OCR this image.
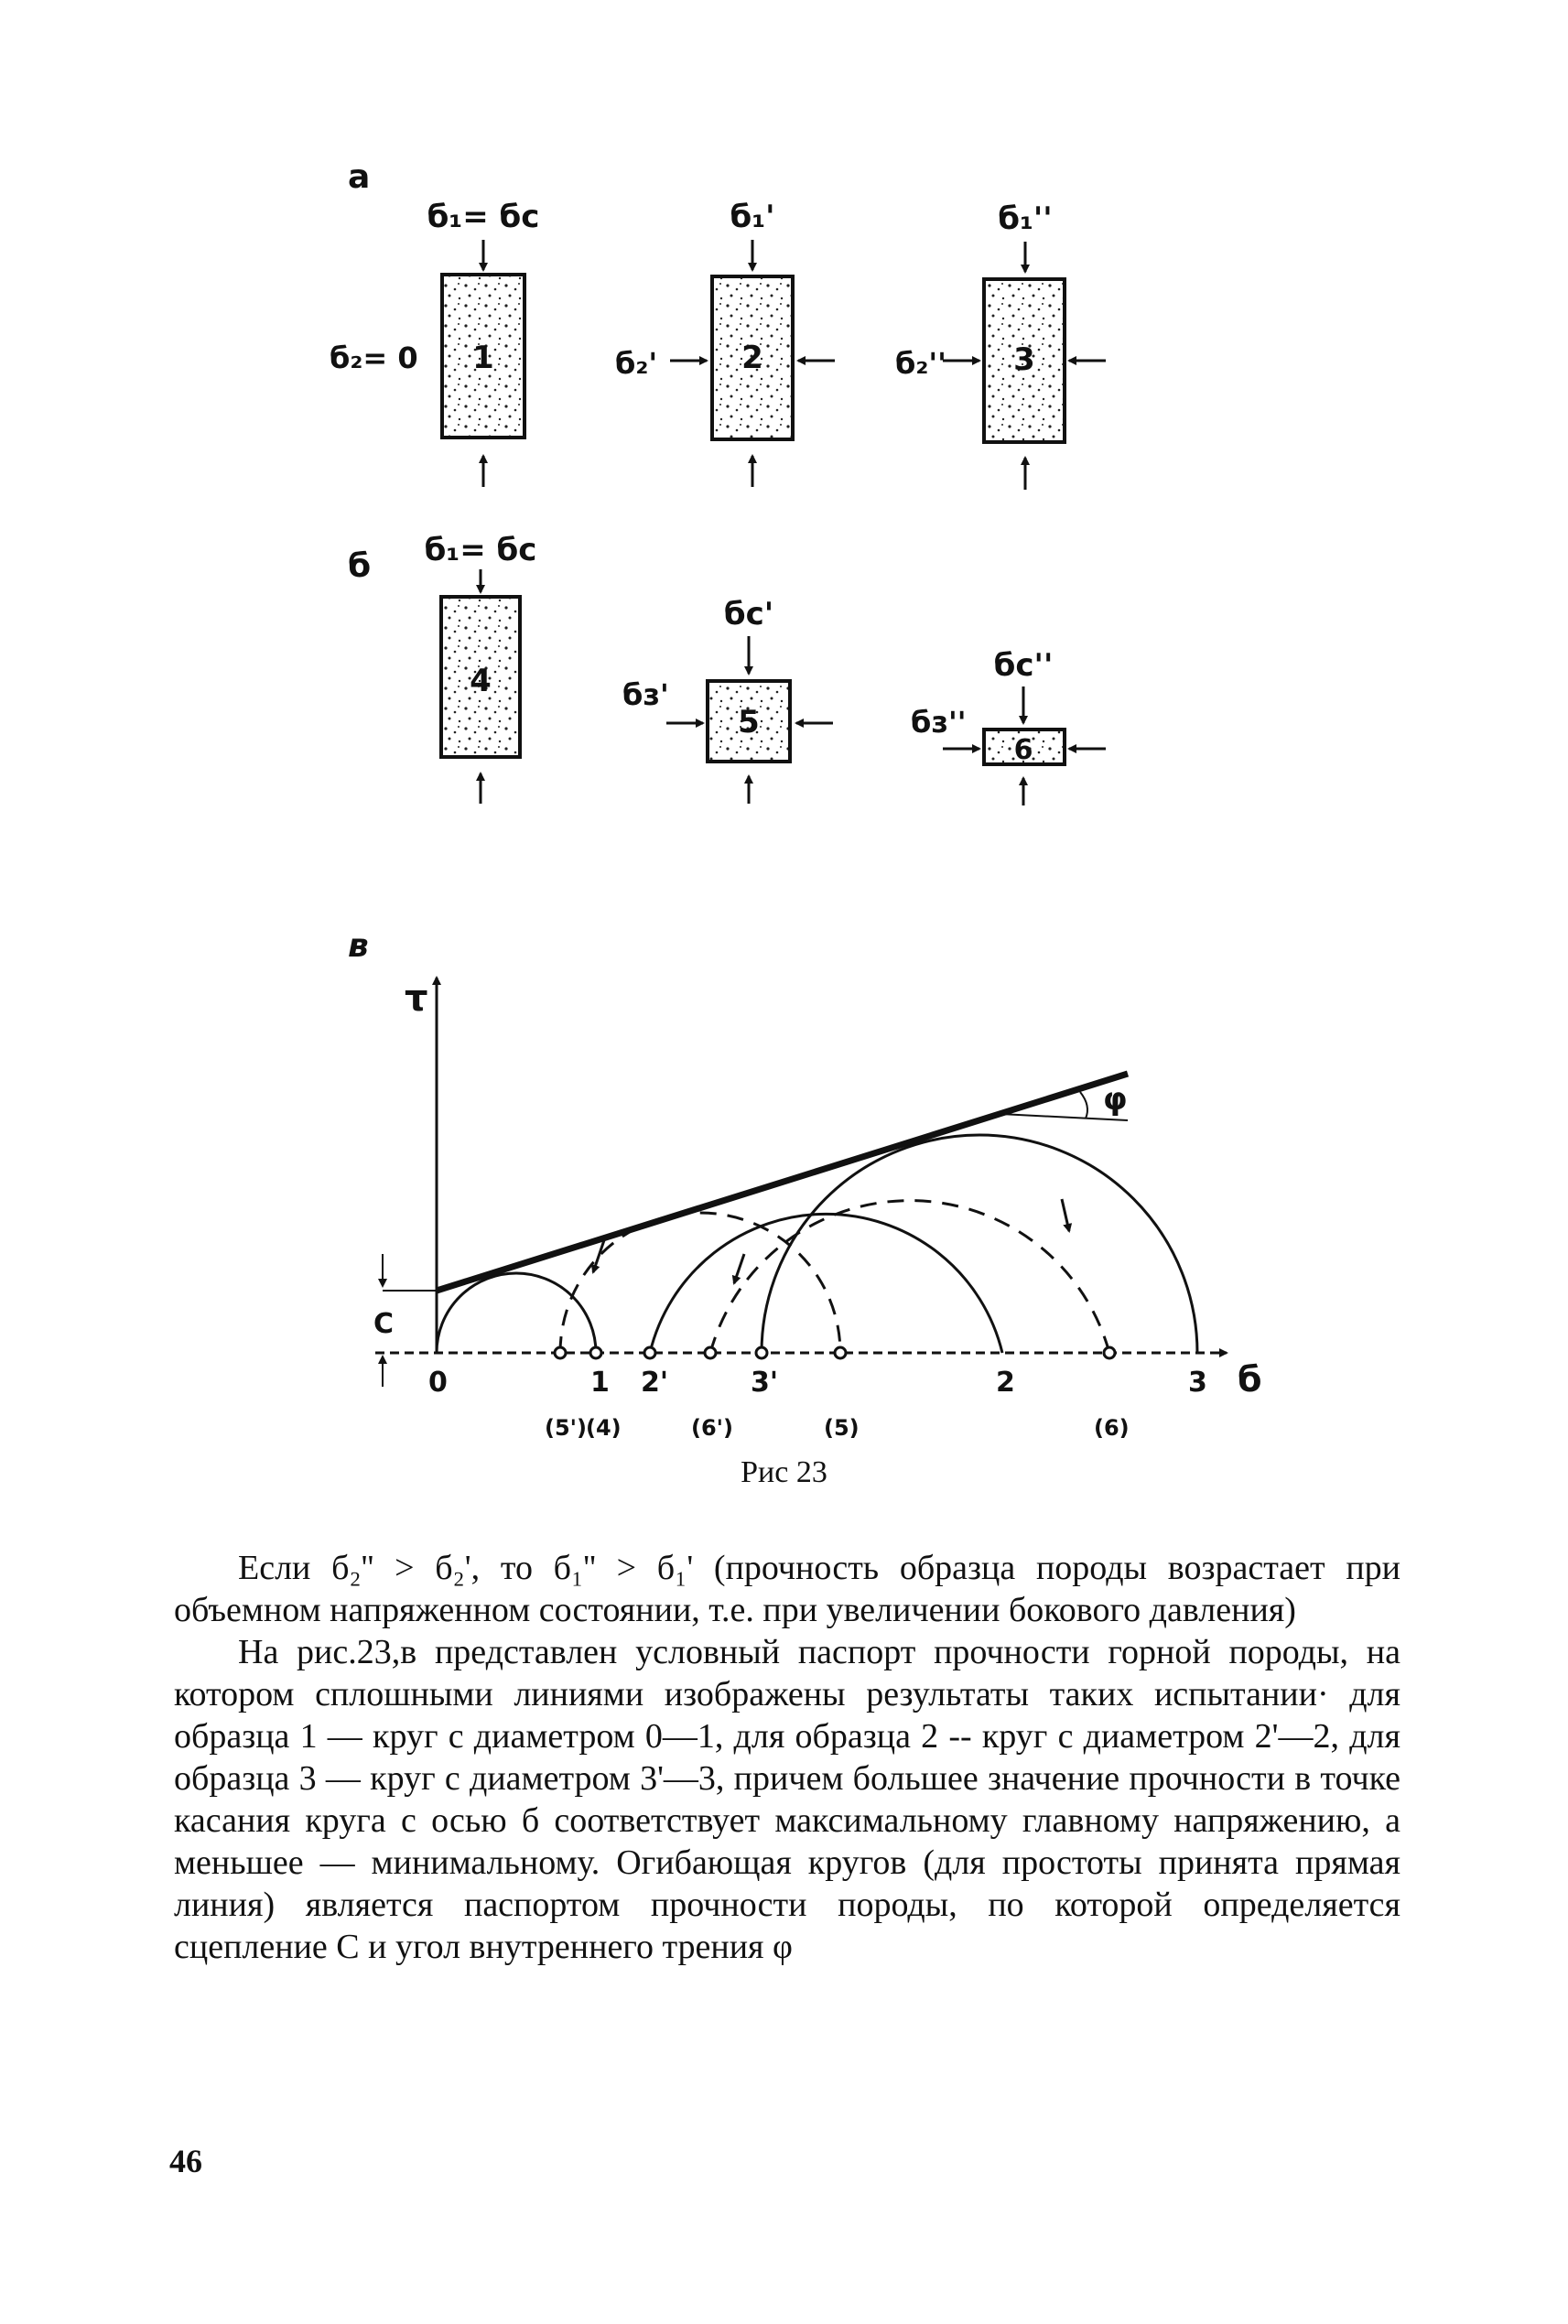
а
б
в
б₁= бс
1
б₂= 0
б₁'
2
б₂'
б₁''
3
б₂''
б₁= бс
4
бс'
5
бз'
бс''
6
бз''
τ
б
φ
С
0	1 2'	3'	2	3
(5') (4)	(6')	(5)	(6)
Рис 23

Если б₂'' > б₂', то б₁'' > б₁' (прочность образца породы возрастает при объемном напряженном состоянии, т.е. при увеличении бокового давления)

На рис.23,в представлен условный паспорт прочности горной породы, на котором сплошными линиями изображены результаты таких испытании· для образца 1 — круг с диаметром 0—1, для образца 2 -- круг с диаметром 2'—2, для образца 3 — круг с диаметром 3'—3, причем большее значение прочности в точке касания круга с осью б соответствует максимальному главному напряжению, а меньшее — минимальному. Огибающая кругов (для простоты принята прямая линия) является паспортом прочности породы, по которой определяется сцепление С и угол внутреннего трения φ

46
